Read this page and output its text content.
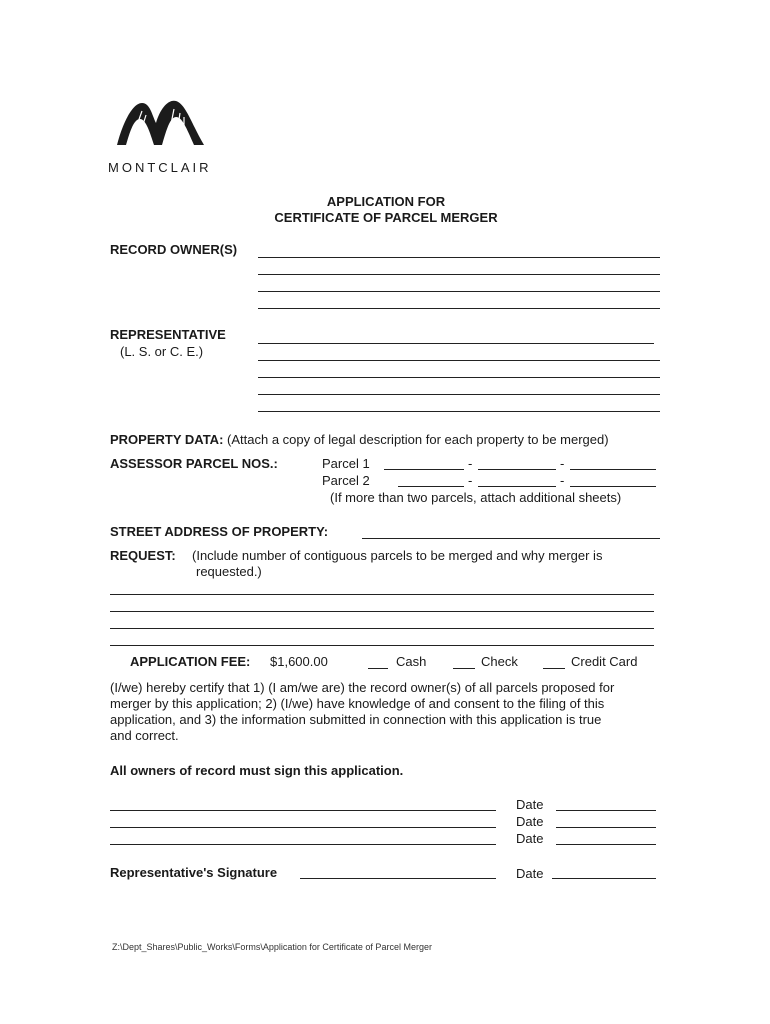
MONTCLAIR
APPLICATION FOR
CERTIFICATE OF PARCEL MERGER
RECORD OWNER(S)
REPRESENTATIVE
(L. S. or C. E.)
PROPERTY DATA: (Attach a copy of legal description for each property to be merged)
ASSESSOR PARCEL NOS.:	Parcel 1	-	-
Parcel 2	-	-
(If more than two parcels, attach additional sheets)
STREET ADDRESS OF PROPERTY:
REQUEST: (Include number of contiguous parcels to be merged and why merger is
requested.)
APPLICATION FEE: $1,600.00	Cash	Check	Credit Card
(I/we) hereby certify that 1) (I am/we are) the record owner(s) of all parcels proposed for
merger by this application; 2) (I/we) have knowledge of and consent to the filing of this
application, and 3) the information submitted in connection with this application is true
and correct.
All owners of record must sign this application.
Date
Date
Date
Representative's Signature	Date
Z:\Dept_Shares\Public_Works\Forms\Application for Certificate of Parcel Merger
